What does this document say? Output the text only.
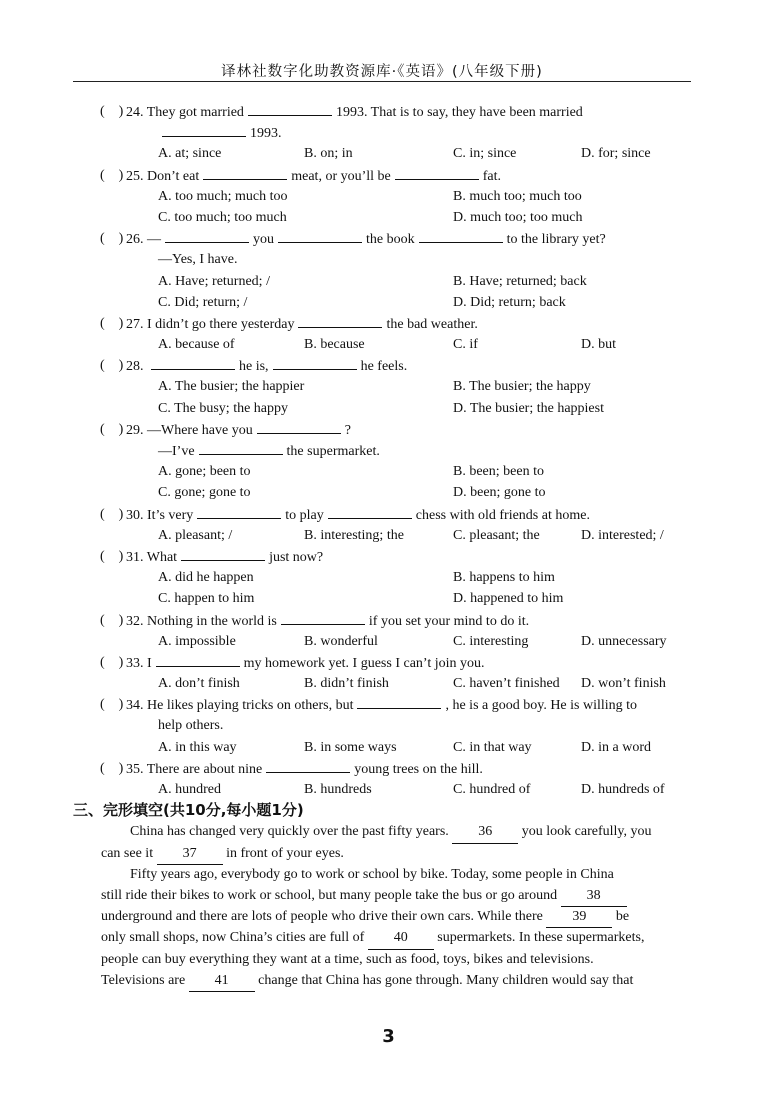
译林社数字化助教资源库·《英语》(八年级下册)
(    ) 24. They got married	1993. That is to say, they have been married
1993.
A. at; since	B. on; in	C. in; since	D. for; since
(    ) 25. Don’t eat	meat, or you’ll be	fat.
A. too much; much too	B. much too; much too
C. too much; too much	D. much too; too much
(    ) 26. —	you	the book	to the library yet?
—Yes, I have.
A. Have; returned; /	B. Have; returned; back
C. Did; return; /	D. Did; return; back
(    ) 27. I didn’t go there yesterday	the bad weather.
A. because of	B. because	C. if	D. but
(    ) 28.	he is,	he feels.
A. The busier; the happier	B. The busier; the happy
C. The busy; the happy	D. The busier; the happiest
(    ) 29. —Where have you	?
—I’ve	the supermarket.
A. gone; been to	B. been; been to
C. gone; gone to	D. been; gone to
(    ) 30. It’s very	to play	chess with old friends at home.
A. pleasant; /	B. interesting; the	C. pleasant; the	D. interested; /
(    ) 31. What	just now?
A. did he happen	B. happens to him
C. happen to him	D. happened to him
(    ) 32. Nothing in the world is	if you set your mind to do it.
A. impossible	B. wonderful	C. interesting	D. unnecessary
(    ) 33. I	my homework yet. I guess I can’t join you.
A. don’t finish	B. didn’t finish	C. haven’t finished D. won’t finish
(    ) 34. He likes playing tricks on others, but	, he is a good boy. He is willing to
help others.
A. in this way	B. in some ways	C. in that way	D. in a word
(    ) 35. There are about nine	young trees on the hill.
A. hundred	B. hundreds	C. hundred of	D. hundreds of
三、完形填空(共10分,每小题1分)
China has changed very quickly over the past fifty years. 36 you look carefully, you
can see it 37 in front of your eyes.
Fifty years ago, everybody go to work or school by bike. Today, some people in China
still ride their bikes to work or school, but many people take the bus or go around 38
underground and there are lots of people who drive their own cars. While there 39 be
only small shops, now China’s cities are full of 40 supermarkets. In these supermarkets,
people can buy everything they want at a time, such as food, toys, bikes and televisions.
Televisions are 41 change that China has gone through. Many children would say that
3
